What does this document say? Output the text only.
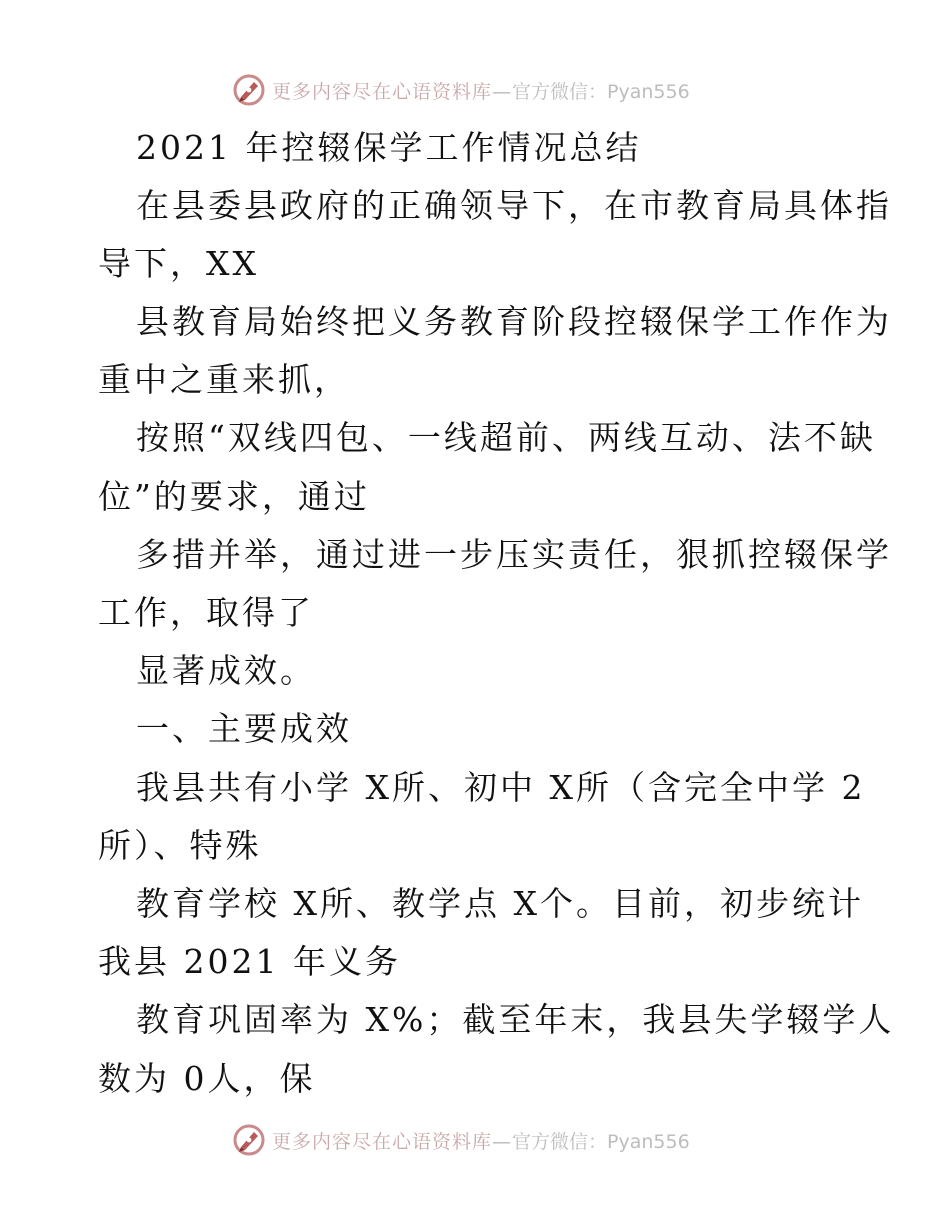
更多内容尽在心语资料库—官方微信：Pyan556
2021 年控辍保学工作情况总结
在县委县政府的正确领导下，在市教育局具体指
导下，XX
县教育局始终把义务教育阶段控辍保学工作作为
重中之重来抓，
按照“双线四包、一线超前、两线互动、法不缺
位”的要求，通过
多措并举，通过进一步压实责任，狠抓控辍保学
工作，取得了
显著成效。
一、主要成效
我县共有小学 X所、初中 X所（含完全中学 2
所）、特殊
教育学校 X所、教学点 X个。目前，初步统计
我县 2021 年义务
教育巩固率为 X%；截至年末，我县失学辍学人
数为 0人，保
更多内容尽在心语资料库—官方微信：Pyan556
